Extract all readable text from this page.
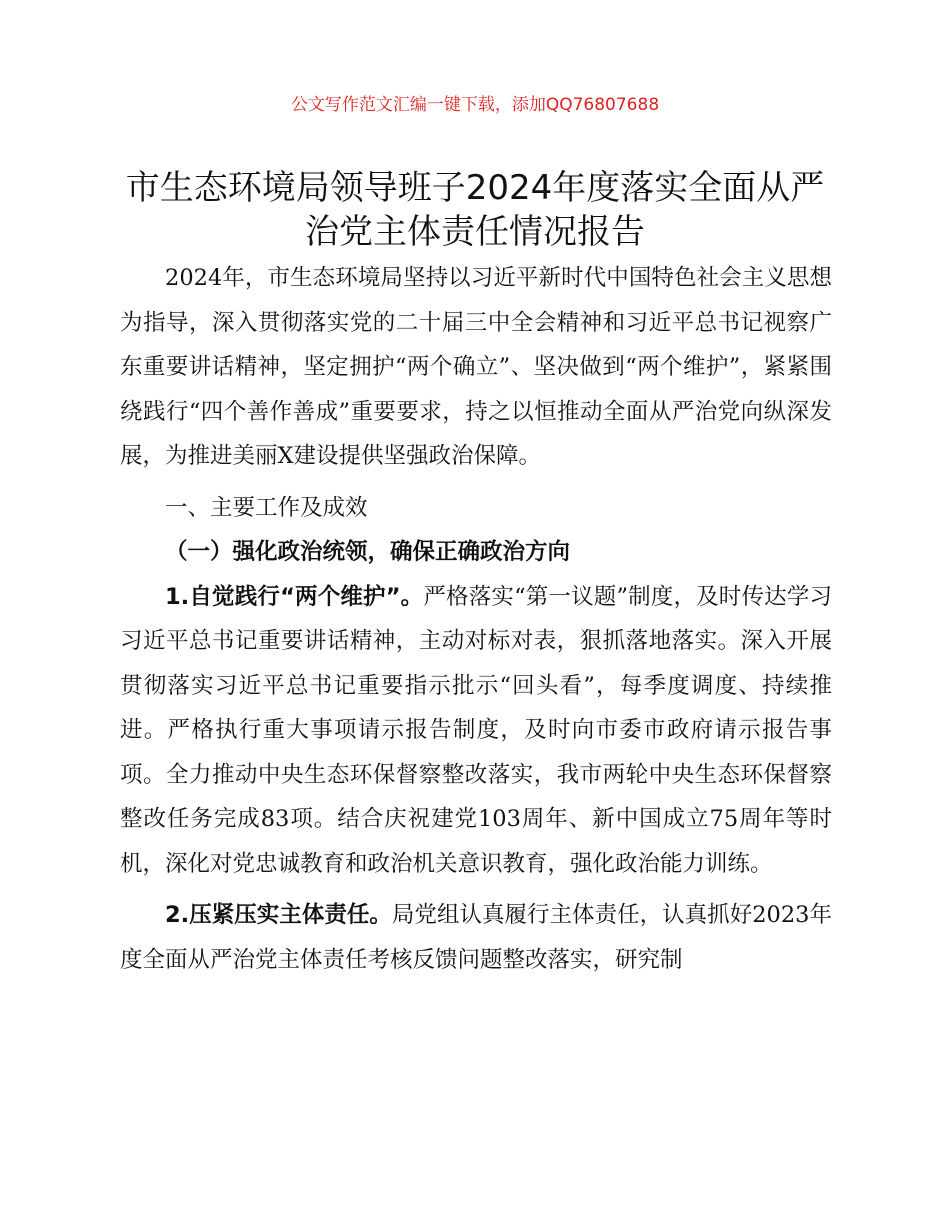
公文写作范文汇编一键下载，添加QQ76807688
市生态环境局领导班子2024年度落实全面从严
治党主体责任情况报告

2024年，市生态环境局坚持以习近平新时代中国特色社会主义思想为指导，深入贯彻落实党的二十届三中全会精神和习近平总书记视察广东重要讲话精神，坚定拥护“两个确立”、坚决做到“两个维护”，紧紧围绕践行“四个善作善成”重要要求，持之以恒推动全面从严治党向纵深发展，为推进美丽X建设提供坚强政治保障。

一、主要工作及成效

（一）强化政治统领，确保正确政治方向

1.自觉践行“两个维护”。严格落实“第一议题”制度，及时传达学习习近平总书记重要讲话精神，主动对标对表，狠抓落地落实。深入开展贯彻落实习近平总书记重要指示批示“回头看”，每季度调度、持续推进。严格执行重大事项请示报告制度，及时向市委市政府请示报告事项。全力推动中央生态环保督察整改落实，我市两轮中央生态环保督察整改任务完成83项。结合庆祝建党103周年、新中国成立75周年等时机，深化对党忠诚教育和政治机关意识教育，强化政治能力训练。

2.压紧压实主体责任。局党组认真履行主体责任，认真抓好2023年度全面从严治党主体责任考核反馈问题整改落实，研究制
